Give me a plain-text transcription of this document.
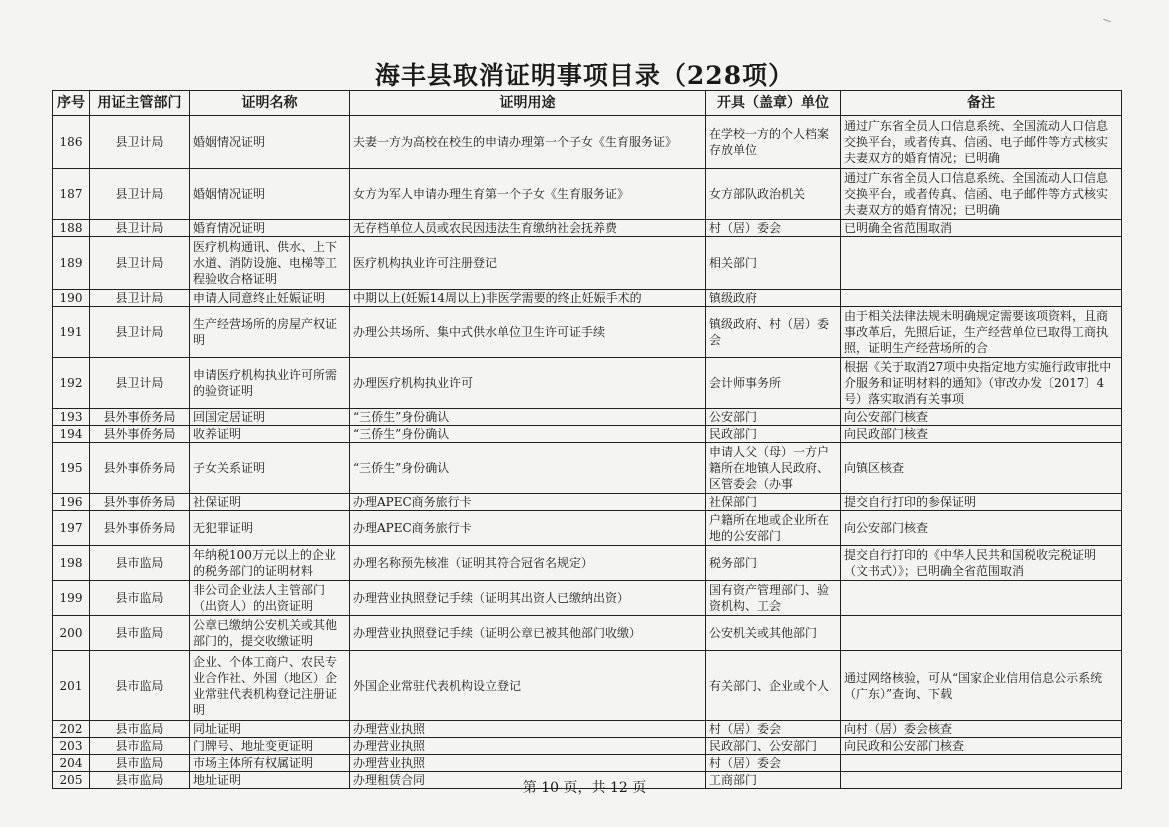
海丰县取消证明事项目录（228项）
序号	用证主管部门	证明名称	证明用途	开具（盖章）单位	备注
186	县卫计局	婚姻情况证明	夫妻一方为高校在校生的申请办理第一个子女《生育服务证》	在学校一方的个人档案存放单位	通过广东省全员人口信息系统、全国流动人口信息交换平台，或者传真、信函、电子邮件等方式核实夫妻双方的婚育情况；已明确
187	县卫计局	婚姻情况证明	女方为军人申请办理生育第一个子女《生育服务证》	女方部队政治机关	通过广东省全员人口信息系统、全国流动人口信息交换平台，或者传真、信函、电子邮件等方式核实夫妻双方的婚育情况；已明确
188	县卫计局	婚育情况证明	无存档单位人员或农民因违法生育缴纳社会抚养费	村（居）委会	已明确全省范围取消
189	县卫计局	医疗机构通讯、供水、上下水道、消防设施、电梯等工程验收合格证明	医疗机构执业许可注册登记	相关部门	
190	县卫计局	申请人同意终止妊娠证明	中期以上(妊娠14周以上)非医学需要的终止妊娠手术的	镇级政府	
191	县卫计局	生产经营场所的房屋产权证明	办理公共场所、集中式供水单位卫生许可证手续	镇级政府、村（居）委会	由于相关法律法规未明确规定需要该项资料，且商事改革后，先照后证，生产经营单位已取得工商执照，证明生产经营场所的合
192	县卫计局	申请医疗机构执业许可所需的验资证明	办理医疗机构执业许可	会计师事务所	根据《关于取消27项中央指定地方实施行政审批中介服务和证明材料的通知》（审改办发〔2017〕4号）落实取消有关事项
193	县外事侨务局	回国定居证明	“三侨生”身份确认	公安部门	向公安部门核查
194	县外事侨务局	收养证明	“三侨生”身份确认	民政部门	向民政部门核查
195	县外事侨务局	子女关系证明	“三侨生”身份确认	申请人父（母）一方户籍所在地镇人民政府、区管委会（办事	向镇区核查
196	县外事侨务局	社保证明	办理APEC商务旅行卡	社保部门	提交自行打印的参保证明
197	县外事侨务局	无犯罪证明	办理APEC商务旅行卡	户籍所在地或企业所在地的公安部门	向公安部门核查
198	县市监局	年纳税100万元以上的企业的税务部门的证明材料	办理名称预先核准（证明其符合冠省名规定）	税务部门	提交自行打印的《中华人民共和国税收完税证明（文书式）》；已明确全省范围取消
199	县市监局	非公司企业法人主管部门（出资人）的出资证明	办理营业执照登记手续（证明其出资人已缴纳出资）	国有资产管理部门、验资机构、工会	
200	县市监局	公章已缴纳公安机关或其他部门的，提交收缴证明	办理营业执照登记手续（证明公章已被其他部门收缴）	公安机关或其他部门	
201	县市监局	企业、个体工商户、农民专业合作社、外国（地区）企业常驻代表机构登记注册证明	外国企业常驻代表机构设立登记	有关部门、企业或个人	通过网络核验，可从“国家企业信用信息公示系统（广东）”查询、下载
202	县市监局	同址证明	办理营业执照	村（居）委会	向村（居）委会核查
203	县市监局	门牌号、地址变更证明	办理营业执照	民政部门、公安部门	向民政和公安部门核查
204	县市监局	市场主体所有权属证明	办理营业执照	村（居）委会	
205	县市监局	地址证明	办理租赁合同	工商部门	
第 10 页，共 12 页
